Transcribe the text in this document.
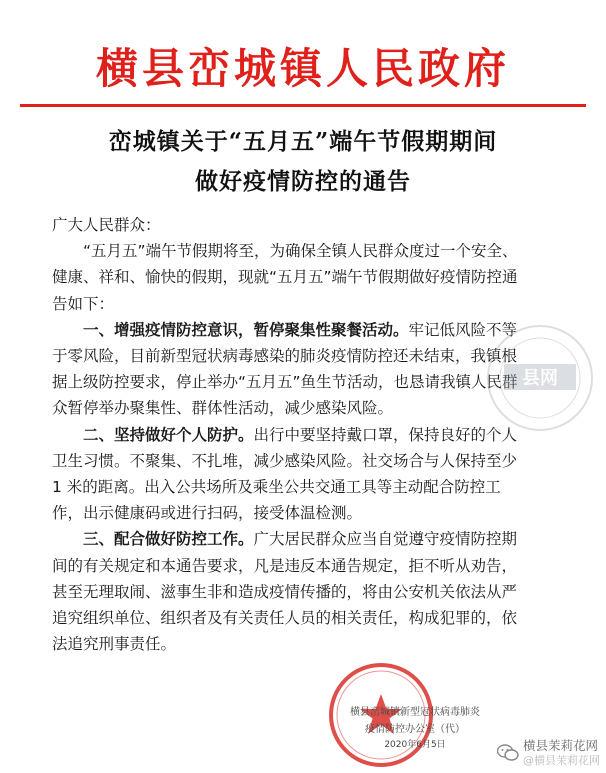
横县峦城镇人民政府
峦城镇关于“五月五”端午节假期期间
做好疫情防控的通告

广大人民群众：

“五月五”端午节假期将至，为确保全镇人民群众度过一个安全、健康、祥和、愉快的假期，现就“五月五”端午节假期做好疫情防控通告如下：

一、增强疫情防控意识，暂停聚集性聚餐活动。牢记低风险不等于零风险，目前新型冠状病毒感染的肺炎疫情防控还未结束，我镇根据上级防控要求，停止举办“五月五”鱼生节活动，也恳请我镇人民群众暂停举办聚集性、群体性活动，减少感染风险。

二、坚持做好个人防护。出行中要坚持戴口罩，保持良好的个人卫生习惯。不聚集、不扎堆，减少感染风险。社交场合与人保持至少 1 米的距离。出入公共场所及乘坐公共交通工具等主动配合防控工作，出示健康码或进行扫码，接受体温检测。

三、配合做好防控工作。广大居民群众应当自觉遵守疫情防控期间的有关规定和本通告要求，凡是违反本通告规定，拒不听从劝告，甚至无理取闹、滋事生非和造成疫情传播的，将由公安机关依法从严追究组织单位、组织者及有关责任人员的相关责任，构成犯罪的，依法追究刑事责任。

县网
横县峦城镇新型冠状病毒肺炎
疫情防控办公室（代）
2020年6月5日	横县茉莉花网
@横县茉莉花网
